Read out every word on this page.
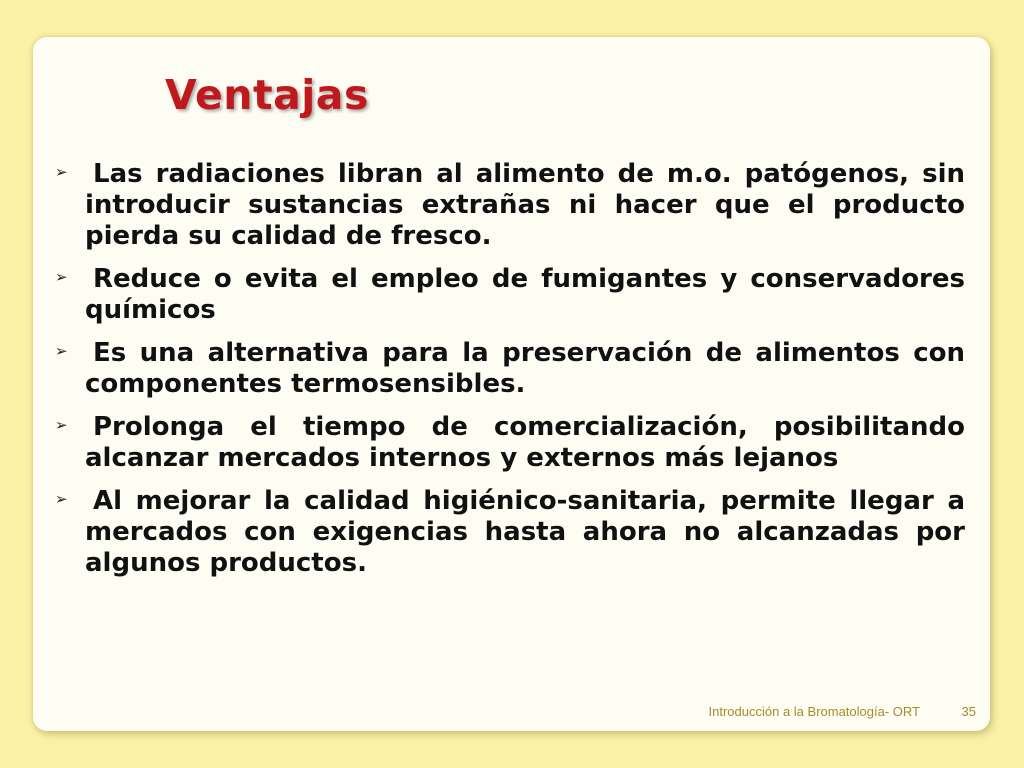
Ventajas
➢ Las radiaciones libran al alimento de m.o. patógenos, sin introducir sustancias extrañas ni hacer que el producto pierda su calidad de fresco.
➢ Reduce o evita el empleo de fumigantes y conservadores químicos
➢ Es una alternativa para la preservación de alimentos con componentes termosensibles.
➢ Prolonga el tiempo de comercialización, posibilitando alcanzar mercados internos y externos más lejanos
➢ Al mejorar la calidad higiénico-sanitaria, permite llegar a mercados con exigencias hasta ahora no alcanzadas por algunos productos.
Introducción a la Bromatología- ORT	35
